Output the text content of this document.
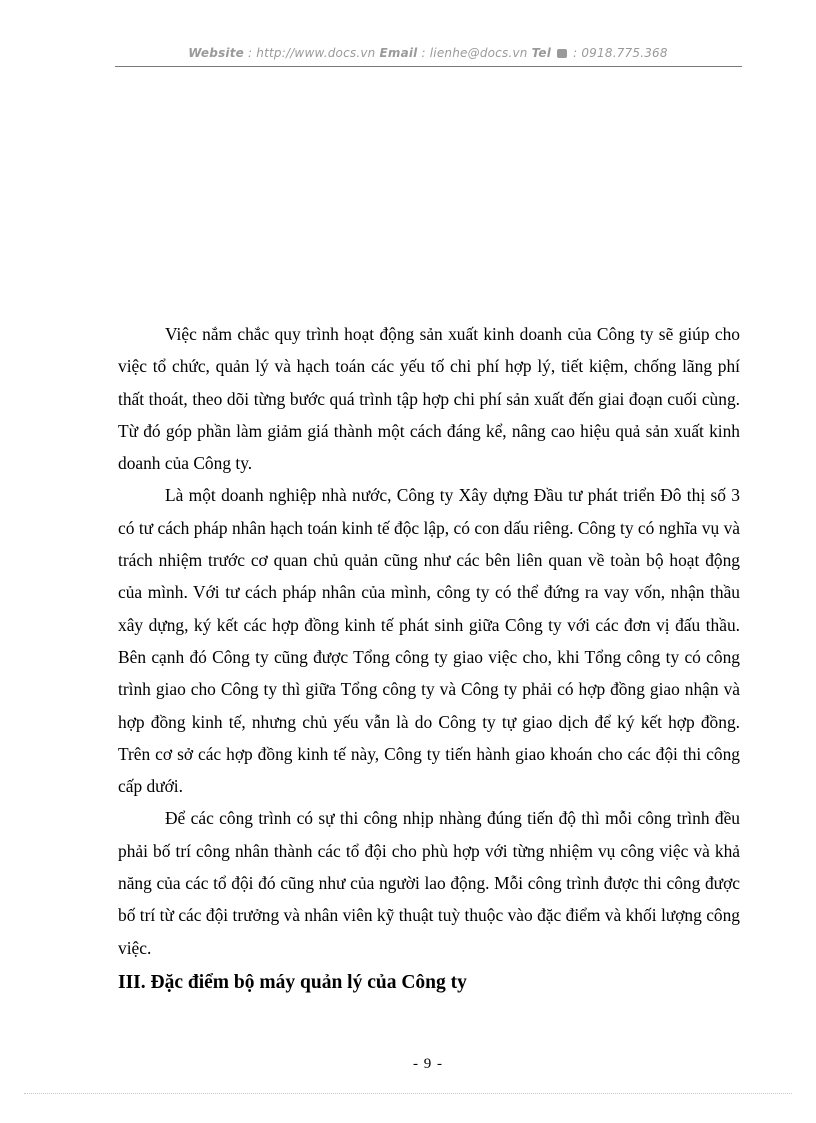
Website : http://www.docs.vn Email : lienhe@docs.vn Tel  : 0918.775.368

Việc nắm chắc quy trình hoạt động sản xuất kinh doanh của Công ty sẽ giúp cho việc tổ chức, quản lý và hạch toán các yếu tố chi phí hợp lý, tiết kiệm, chống lãng phí thất thoát, theo dõi từng bước quá trình tập hợp chi phí sản xuất đến giai đoạn cuối cùng. Từ đó góp phần làm giảm giá thành một cách đáng kể, nâng cao hiệu quả sản xuất kinh doanh của Công ty.

Là một doanh nghiệp nhà nước, Công ty Xây dựng Đầu tư phát triển Đô thị số 3 có tư cách pháp nhân hạch toán kinh tế độc lập, có con dấu riêng. Công ty có nghĩa vụ và trách nhiệm trước cơ quan chủ quản cũng như các bên liên quan về toàn bộ hoạt động của mình. Với tư cách pháp nhân của mình, công ty có thể đứng ra vay vốn, nhận thầu xây dựng, ký kết các hợp đồng kinh tế phát sinh giữa Công ty với các đơn vị đấu thầu. Bên cạnh đó Công ty cũng được Tổng công ty giao việc cho, khi Tổng công ty có công trình giao cho Công ty thì giữa Tổng công ty và Công ty phải có hợp đồng giao nhận và hợp đồng kinh tế, nhưng chủ yếu vẫn là do Công ty tự giao dịch để ký kết hợp đồng. Trên cơ sở các hợp đồng kinh tế này, Công ty tiến hành giao khoán cho các đội thi công cấp dưới.

Để các công trình có sự thi công nhịp nhàng đúng tiến độ thì mỗi công trình đều phải bố trí công nhân thành các tổ đội cho phù hợp với từng nhiệm vụ công việc và khả năng của các tổ đội đó cũng như của người lao động. Mỗi công trình được thi công được bố trí từ các đội trưởng và nhân viên kỹ thuật tuỳ thuộc vào đặc điểm và khối lượng công việc.

III. Đặc điểm bộ máy quản lý của Công ty
- 9 -
